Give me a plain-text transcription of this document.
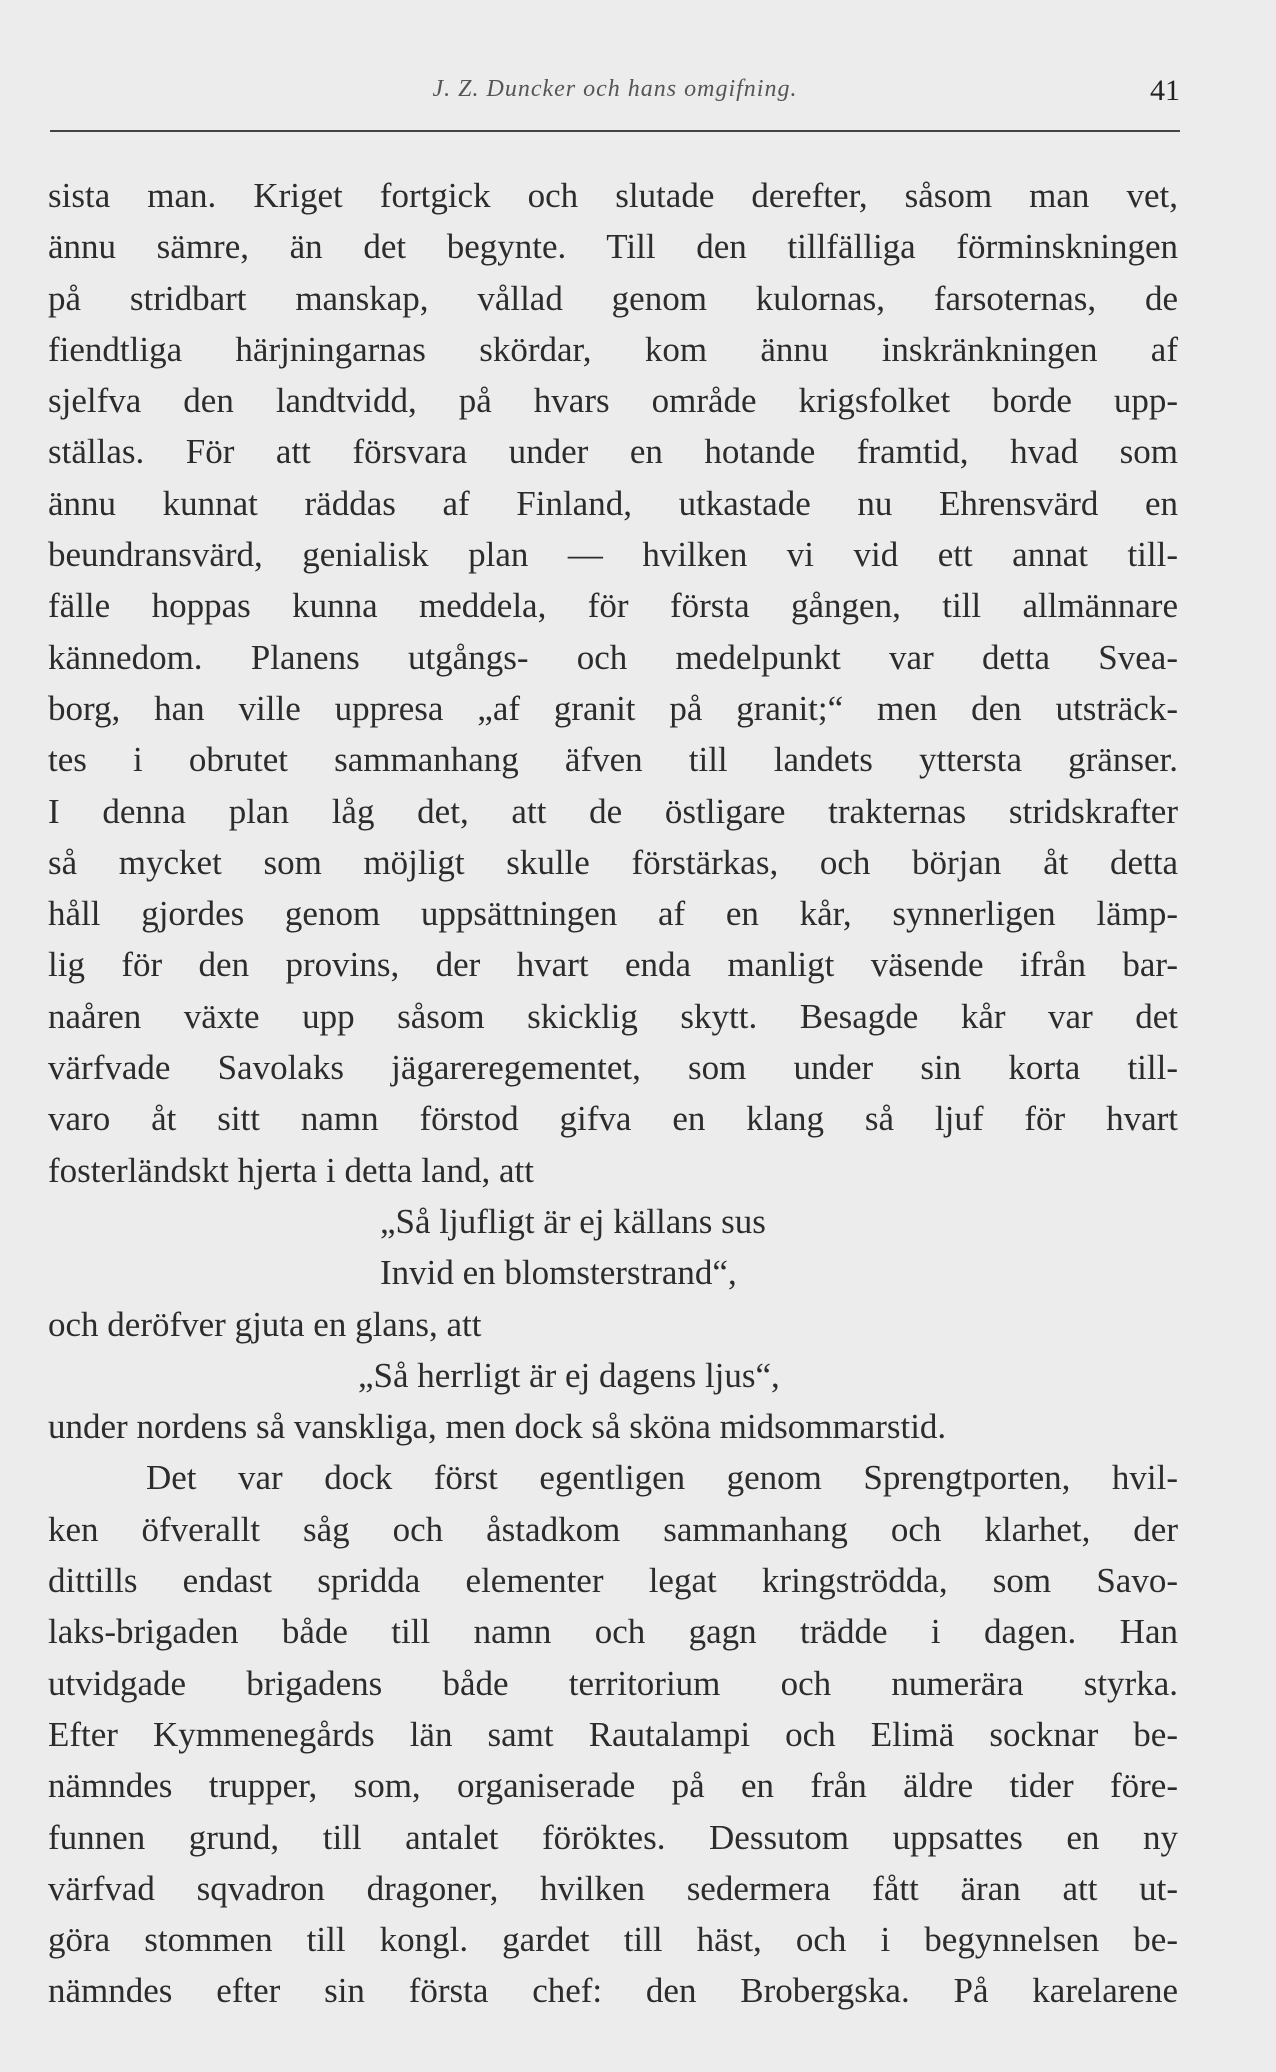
J. Z. Duncker och hans omgifning.	41
sista man. Kriget fortgick och slutade derefter, såsom man vet,
ännu sämre, än det begynte. Till den tillfälliga förminskningen
på stridbart manskap, vållad genom kulornas, farsoternas, de
fiendtliga härjningarnas skördar, kom ännu inskränkningen af
sjelfva den landtvidd, på hvars område krigsfolket borde upp-
ställas. För att försvara under en hotande framtid, hvad som
ännu kunnat räddas af Finland, utkastade nu Ehrensvärd en
beundransvärd, genialisk plan — hvilken vi vid ett annat till-
fälle hoppas kunna meddela, för första gången, till allmännare
kännedom. Planens utgångs- och medelpunkt var detta Svea-
borg, han ville uppresa „af granit på granit;“ men den utsträck-
tes i obrutet sammanhang äfven till landets yttersta gränser.
I denna plan låg det, att de östligare trakternas stridskrafter
så mycket som möjligt skulle förstärkas, och början åt detta
håll gjordes genom uppsättningen af en kår, synnerligen lämp-
lig för den provins, der hvart enda manligt väsende ifrån bar-
naåren växte upp såsom skicklig skytt. Besagde kår var det
värfvade Savolaks jägareregementet, som under sin korta till-
varo åt sitt namn förstod gifva en klang så ljuf för hvart
fosterländskt hjerta i detta land, att
„Så ljufligt är ej källans sus
Invid en blomsterstrand“,
och deröfver gjuta en glans, att
„Så herrligt är ej dagens ljus“,
under nordens så vanskliga, men dock så sköna midsommarstid.
Det var dock först egentligen genom Sprengtporten, hvil-
ken öfverallt såg och åstadkom sammanhang och klarhet, der
dittills endast spridda elementer legat kringströdda, som Savo-
laks-brigaden både till namn och gagn trädde i dagen. Han
utvidgade brigadens både territorium och numerära styrka.
Efter Kymmenegårds län samt Rautalampi och Elimä socknar be-
nämndes trupper, som, organiserade på en från äldre tider före-
funnen grund, till antalet föröktes. Dessutom uppsattes en ny
värfvad sqvadron dragoner, hvilken sedermera fått äran att ut-
göra stommen till kongl. gardet till häst, och i begynnelsen be-
nämndes efter sin första chef: den Brobergska. På karelarene
